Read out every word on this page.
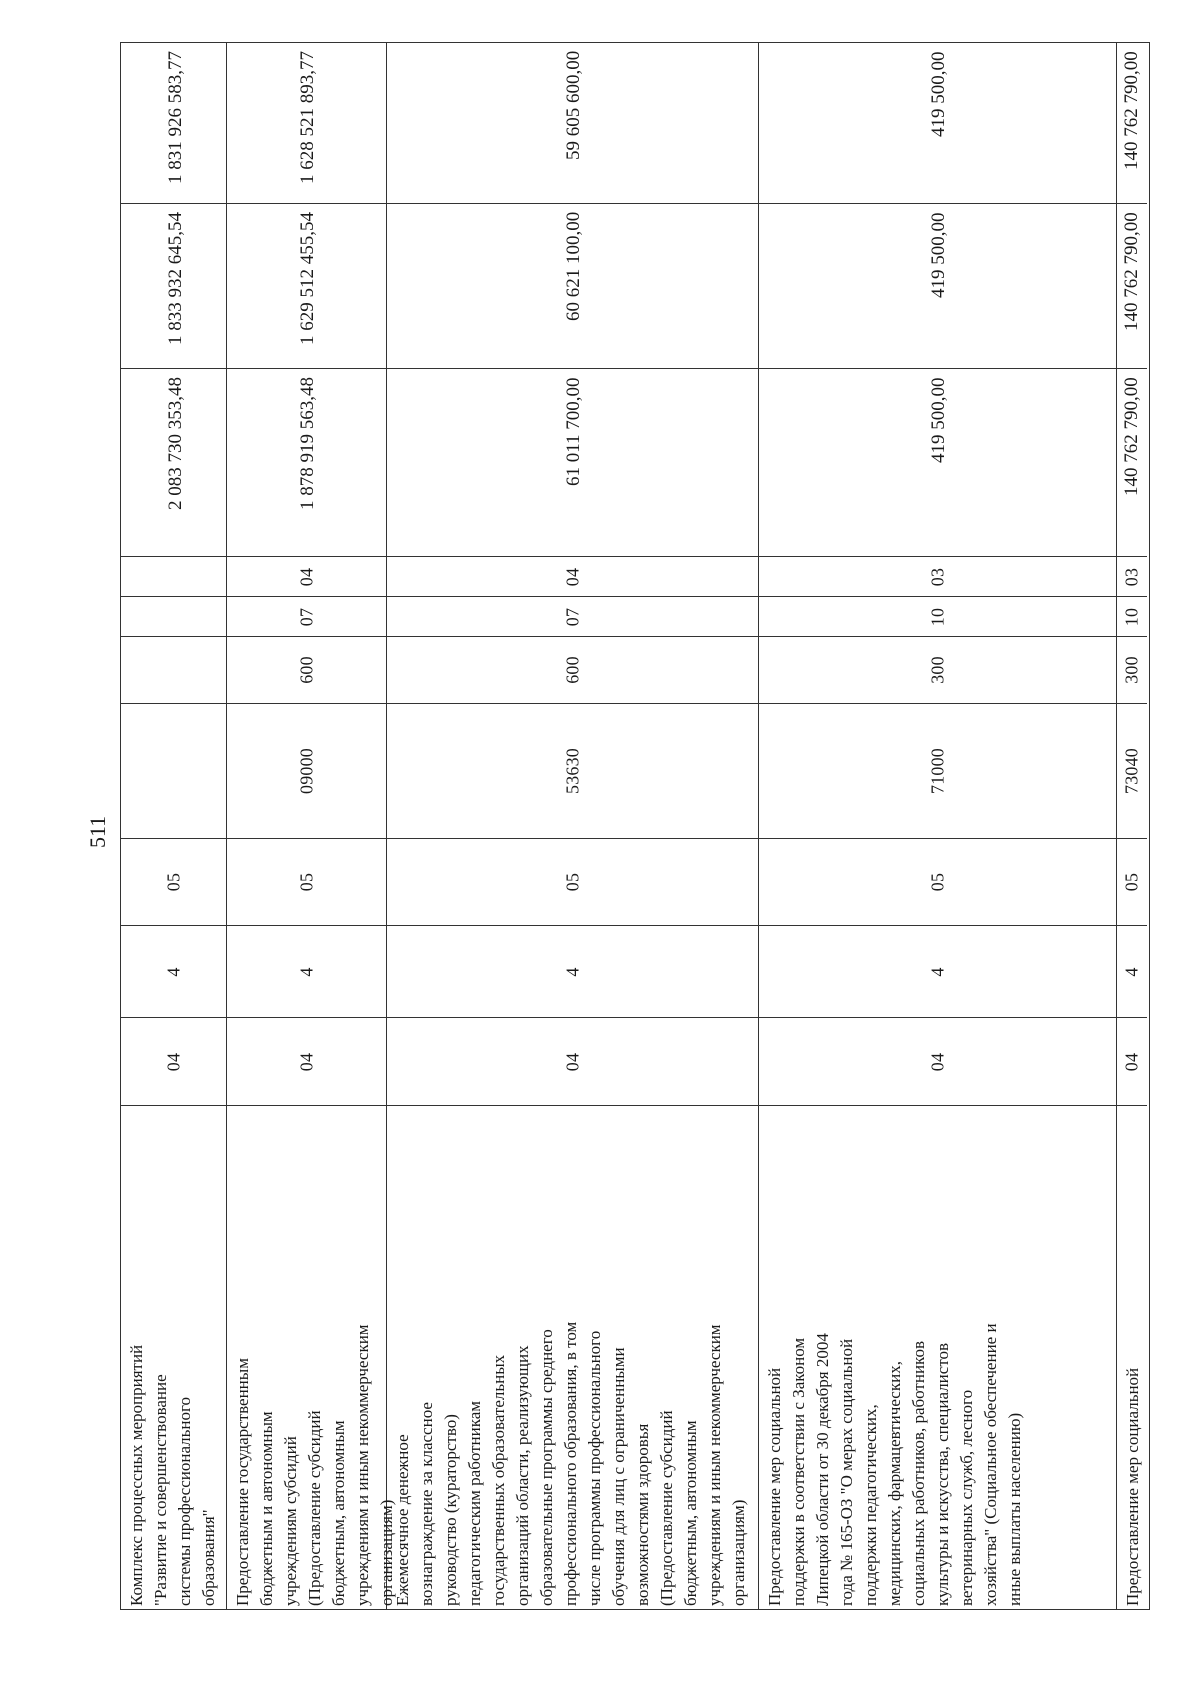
511
Комплекс процессных мероприятий "Развитие и совершенствование системы профессионального образования"
04
4
05
2 083 730 353,48
1 833 932 645,54
1 831 926 583,77
Предоставление государственным бюджетным и автономным учреждениям субсидий (Предоставление субсидий бюджетным, автономным учреждениям и иным некоммерческим организациям)
04
4
05
09000
600
07
04
1 878 919 563,48
1 629 512 455,54
1 628 521 893,77
Ежемесячное денежное вознаграждение за классное руководство (кураторство) педагогическим работникам государственных образовательных организаций области, реализующих образовательные программы среднего профессионального образования, в том числе программы профессионального обучения для лиц с ограниченными возможностями здоровья (Предоставление субсидий бюджетным, автономным учреждениям и иным некоммерческим организациям)
04
4
05
53630
600
07
04
61 011 700,00
60 621 100,00
59 605 600,00
Предоставление мер социальной поддержки в соответствии с Законом Липецкой области от 30 декабря 2004 года № 165-ОЗ "О мерах социальной поддержки педагогических, медицинских, фармацевтических, социальных работников, работников культуры и искусства, специалистов ветеринарных служб, лесного хозяйства" (Социальное обеспечение и иные выплаты населению)
04
4
05
71000
300
10
03
419 500,00
419 500,00
419 500,00
Предоставление мер социальной
04
4
05
73040
300
10
03
140 762 790,00
140 762 790,00
140 762 790,00
